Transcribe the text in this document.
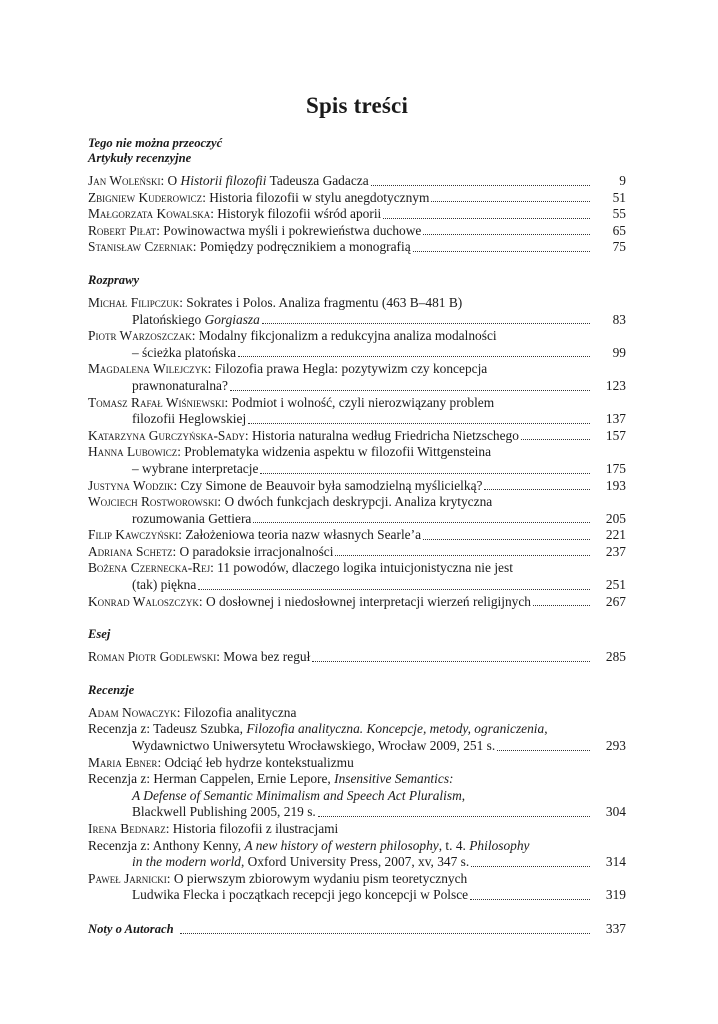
Spis treści
Tego nie można przeoczyć
Artykuły recenzyjne
Jan Woleński: O Historii filozofii Tadeusza Gadacza	9
Zbigniew Kuderowicz: Historia filozofii w stylu anegdotycznym	51
Małgorzata Kowalska: Historyk filozofii wśród aporii	55
Robert Piłat: Powinowactwa myśli i pokrewieństwa duchowe	65
Stanisław Czerniak: Pomiędzy podręcznikiem a monografią	75
Rozprawy
Michał Filipczuk: Sokrates i Polos. Analiza fragmentu (463 B–481 B)
Platońskiego Gorgiasza	83
Piotr Warzoszczak: Modalny fikcjonalizm a redukcyjna analiza modalności
– ścieżka platońska	99
Magdalena Wilejczyk: Filozofia prawa Hegla: pozytywizm czy koncepcja
prawnonaturalna?	123
Tomasz Rafał Wiśniewski: Podmiot i wolność, czyli nierozwiązany problem
filozofii Heglowskiej	137
Katarzyna Gurczyńska-Sady: Historia naturalna według Friedricha Nietzschego	157
Hanna Lubowicz: Problematyka widzenia aspektu w filozofii Wittgensteina
– wybrane interpretacje	175
Justyna Wodzik: Czy Simone de Beauvoir była samodzielną myślicielką?	193
Wojciech Rostworowski: O dwóch funkcjach deskrypcji. Analiza krytyczna
rozumowania Gettiera	205
Filip Kawczyński: Założeniowa teoria nazw własnych Searle’a	221
Adriana Schetz: O paradoksie irracjonalności	237
Bożena Czernecka-Rej: 11 powodów, dlaczego logika intuicjonistyczna nie jest
(tak) piękna	251
Konrad Waloszczyk: O dosłownej i niedosłownej interpretacji wierzeń religijnych	267
Esej
Roman Piotr Godlewski: Mowa bez reguł	285
Recenzje
Adam Nowaczyk: Filozofia analityczna
Recenzja z: Tadeusz Szubka, Filozofia analityczna. Koncepcje, metody, ograniczenia,
Wydawnictwo Uniwersytetu Wrocławskiego, Wrocław 2009, 251 s.	293
Maria Ebner: Odciąć łeb hydrze kontekstualizmu
Recenzja z: Herman Cappelen, Ernie Lepore, Insensitive Semantics:
A Defense of Semantic Minimalism and Speech Act Pluralism,
Blackwell Publishing 2005, 219 s.	304
Irena Bednarz: Historia filozofii z ilustracjami
Recenzja z: Anthony Kenny, A new history of western philosophy, t. 4. Philosophy
in the modern world, Oxford University Press, 2007, xv, 347 s.	314
Paweł Jarnicki: O pierwszym zbiorowym wydaniu pism teoretycznych
Ludwika Flecka i początkach recepcji jego koncepcji w Polsce	319
Noty o Autorach	337
